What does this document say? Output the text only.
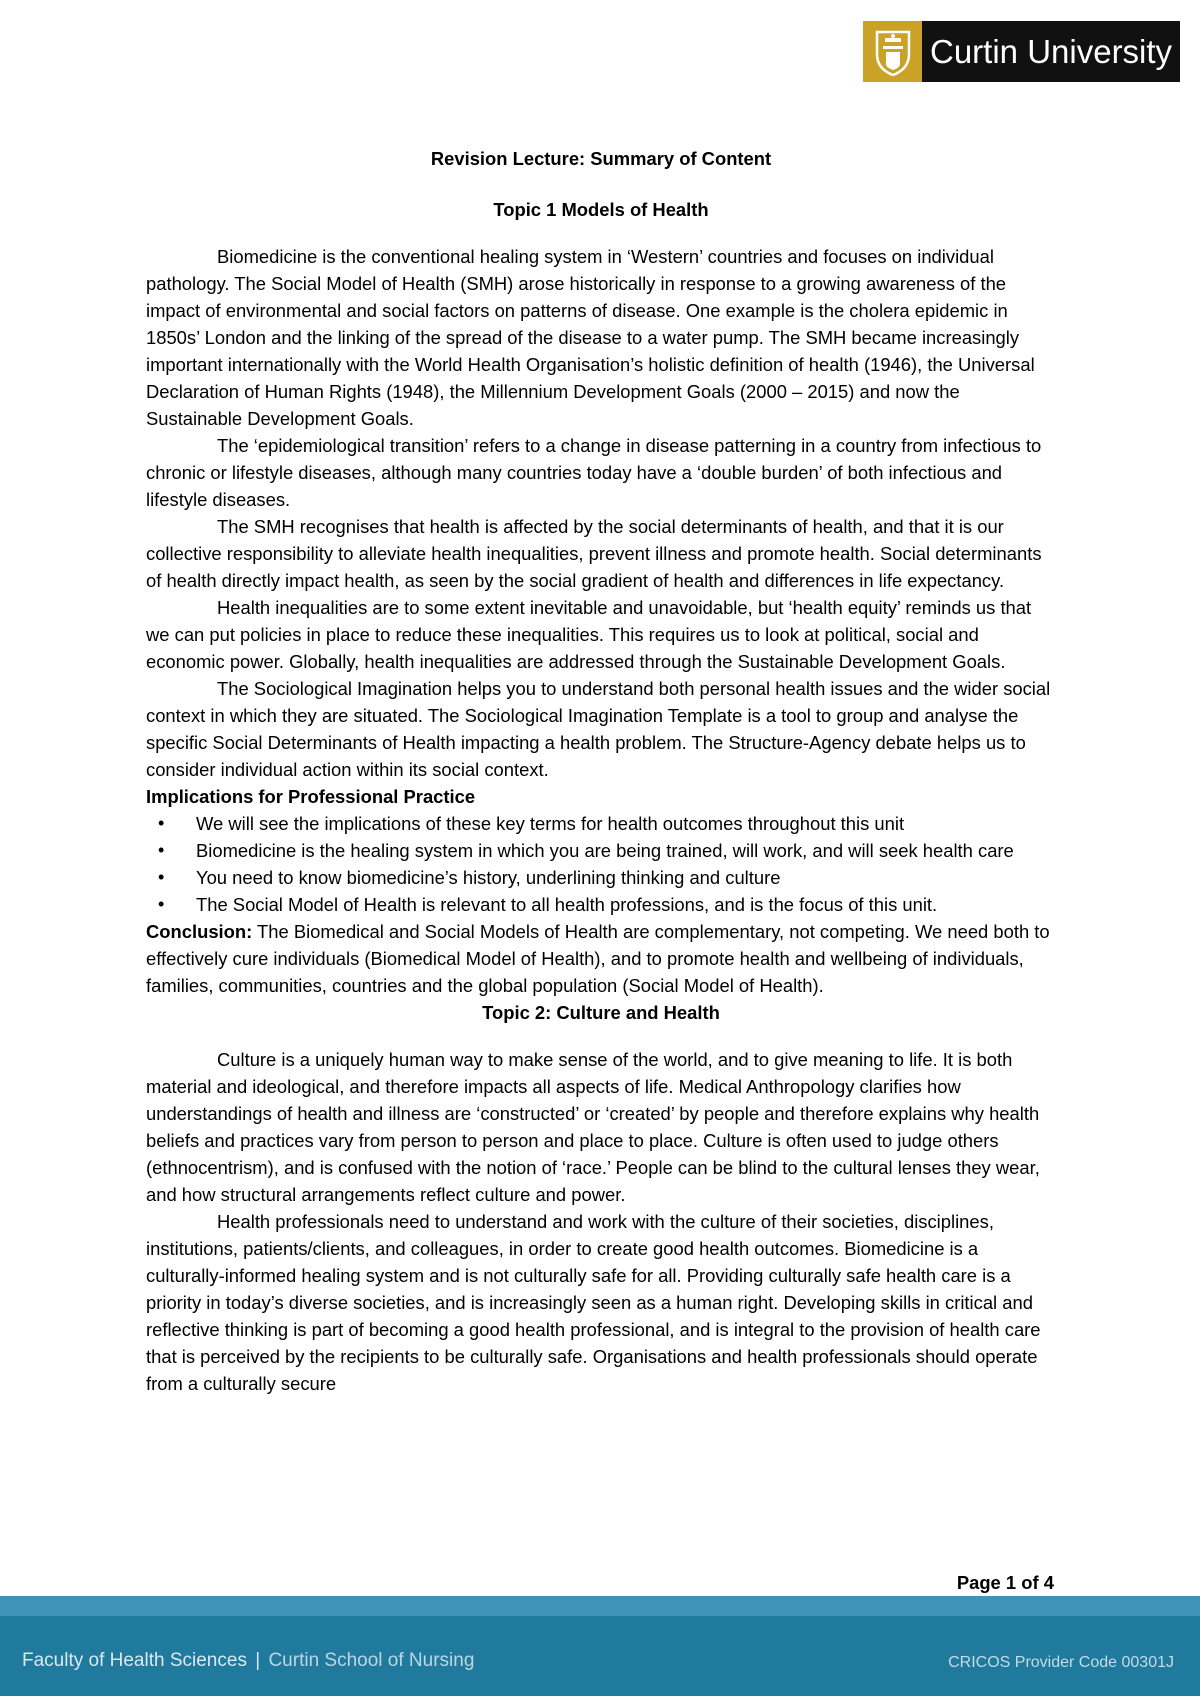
Curtin University
Revision Lecture: Summary of Content
Topic 1 Models of Health

Biomedicine is the conventional healing system in ‘Western’ countries and focuses on individual pathology. The Social Model of Health (SMH) arose historically in response to a growing awareness of the impact of environmental and social factors on patterns of disease. One example is the cholera epidemic in 1850s’ London and the linking of the spread of the disease to a water pump. The SMH became increasingly important internationally with the World Health Organisation’s holistic definition of health (1946), the Universal Declaration of Human Rights (1948), the Millennium Development Goals (2000 – 2015) and now the Sustainable Development Goals.

The ‘epidemiological transition’ refers to a change in disease patterning in a country from infectious to chronic or lifestyle diseases, although many countries today have a ‘double burden’ of both infectious and lifestyle diseases.

The SMH recognises that health is affected by the social determinants of health, and that it is our collective responsibility to alleviate health inequalities, prevent illness and promote health. Social determinants of health directly impact health, as seen by the social gradient of health and differences in life expectancy.

Health inequalities are to some extent inevitable and unavoidable, but ‘health equity’ reminds us that we can put policies in place to reduce these inequalities. This requires us to look at political, social and economic power. Globally, health inequalities are addressed through the Sustainable Development Goals.

The Sociological Imagination helps you to understand both personal health issues and the wider social context in which they are situated. The Sociological Imagination Template is a tool to group and analyse the specific Social Determinants of Health impacting a health problem. The Structure-Agency debate helps us to consider individual action within its social context.

Implications for Professional Practice
• We will see the implications of these key terms for health outcomes throughout this unit
• Biomedicine is the healing system in which you are being trained, will work, and will seek health care
• You need to know biomedicine’s history, underlining thinking and culture
• The Social Model of Health is relevant to all health professions, and is the focus of this unit.

Conclusion: The Biomedical and Social Models of Health are complementary, not competing. We need both to effectively cure individuals (Biomedical Model of Health), and to promote health and wellbeing of individuals, families, communities, countries and the global population (Social Model of Health).

Topic 2: Culture and Health

Culture is a uniquely human way to make sense of the world, and to give meaning to life. It is both material and ideological, and therefore impacts all aspects of life. Medical Anthropology clarifies how understandings of health and illness are ‘constructed’ or ‘created’ by people and therefore explains why health beliefs and practices vary from person to person and place to place. Culture is often used to judge others (ethnocentrism), and is confused with the notion of ‘race.’ People can be blind to the cultural lenses they wear, and how structural arrangements reflect culture and power.

Health professionals need to understand and work with the culture of their societies, disciplines, institutions, patients/clients, and colleagues, in order to create good health outcomes. Biomedicine is a culturally-informed healing system and is not culturally safe for all. Providing culturally safe health care is a priority in today’s diverse societies, and is increasingly seen as a human right. Developing skills in critical and reflective thinking is part of becoming a good health professional, and is integral to the provision of health care that is perceived by the recipients to be culturally safe. Organisations and health professionals should operate from a culturally secure

Page 1 of 4
Faculty of Health Sciences | Curtin School of Nursing	CRICOS Provider Code 00301J
